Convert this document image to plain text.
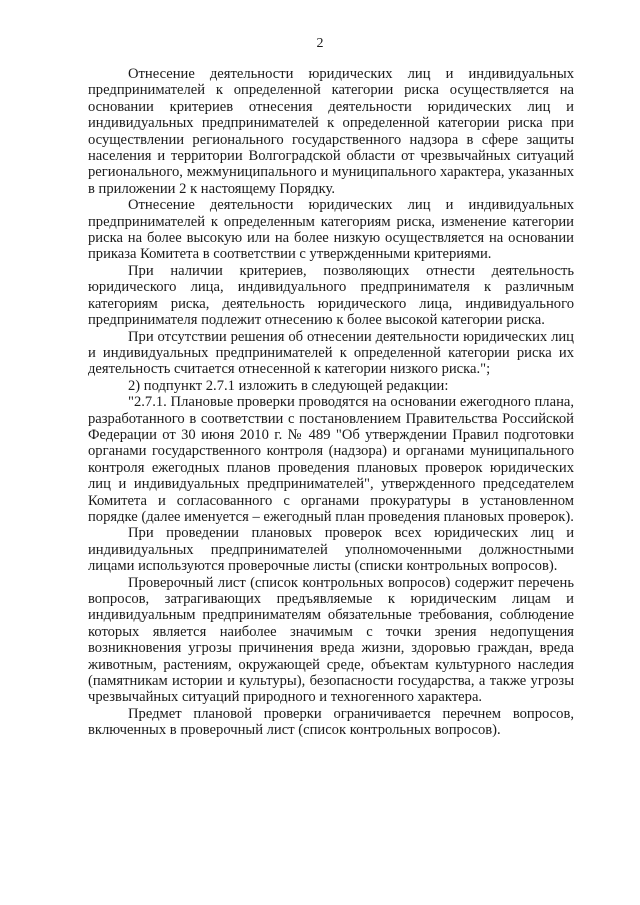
2

Отнесение деятельности юридических лиц и индивидуальных предпринимателей к определенной категории риска осуществляется на основании критериев отнесения деятельности юридических лиц и индивидуальных предпринимателей к определенной категории риска при осуществлении регионального государственного надзора в сфере защиты населения и территории Волгоградской области от чрезвычайных ситуаций регионального, межмуниципального и муниципального характера, указанных в приложении 2 к настоящему Порядку.

Отнесение деятельности юридических лиц и индивидуальных предпринимателей к определенным категориям риска, изменение категории риска на более высокую или на более низкую осуществляется на основании приказа Комитета в соответствии с утвержденными критериями.

При наличии критериев, позволяющих отнести деятельность юридического лица, индивидуального предпринимателя к различным категориям риска, деятельность юридического лица, индивидуального предпринимателя подлежит отнесению к более высокой категории риска.

При отсутствии решения об отнесении деятельности юридических лиц и индивидуальных предпринимателей к определенной категории риска их деятельность считается отнесенной к категории низкого риска.";

2) подпункт 2.7.1 изложить в следующей редакции:

"2.7.1. Плановые проверки проводятся на основании ежегодного плана, разработанного в соответствии с постановлением Правительства Российской Федерации от 30 июня 2010 г. № 489 "Об утверждении Правил подготовки органами государственного контроля (надзора) и органами муниципального контроля ежегодных планов проведения плановых проверок юридических лиц и индивидуальных предпринимателей", утвержденного председателем Комитета и согласованного с органами прокуратуры в установленном порядке (далее именуется – ежегодный план проведения плановых проверок).

При проведении плановых проверок всех юридических лиц и индивидуальных предпринимателей уполномоченными должностными лицами используются проверочные листы (списки контрольных вопросов).

Проверочный лист (список контрольных вопросов) содержит перечень вопросов, затрагивающих предъявляемые к юридическим лицам и индивидуальным предпринимателям обязательные требования, соблюдение которых является наиболее значимым с точки зрения недопущения возникновения угрозы причинения вреда жизни, здоровью граждан, вреда животным, растениям, окружающей среде, объектам культурного наследия (памятникам истории и культуры), безопасности государства, а также угрозы чрезвычайных ситуаций природного и техногенного характера.

Предмет плановой проверки ограничивается перечнем вопросов, включенных в проверочный лист (список контрольных вопросов).
